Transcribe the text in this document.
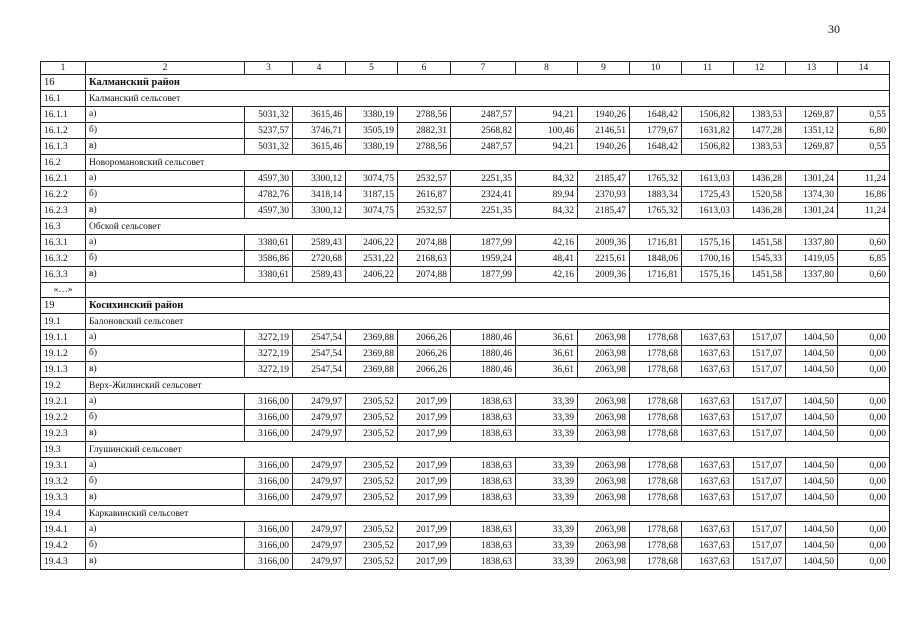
30
1	2	3	4	5	6	7	8	9	10	11	12	13	14
16	Калманский район												
16.1	Калманский сельсовет												
16.1.1	а)	5031,32	3615,46	3380,19	2788,56	2487,57	94,21	1940,26	1648,42	1506,82	1383,53	1269,87	0,55
16.1.2	б)	5237,57	3746,71	3505,19	2882,31	2568,82	100,46	2146,51	1779,67	1631,82	1477,28	1351,12	6,80
16.1.3	в)	5031,32	3615,46	3380,19	2788,56	2487,57	94,21	1940,26	1648,42	1506,82	1383,53	1269,87	0,55
16.2	Новороманoвский сельсовет												
16.2.1	а)	4597,30	3300,12	3074,75	2532,57	2251,35	84,32	2185,47	1765,32	1613,03	1436,28	1301,24	11,24
16.2.2	б)	4782,76	3418,14	3187,15	2616,87	2324,41	89,94	2370,93	1883,34	1725,43	1520,58	1374,30	16,86
16.2.3	в)	4597,30	3300,12	3074,75	2532,57	2251,35	84,32	2185,47	1765,32	1613,03	1436,28	1301,24	11,24
16.3	Обской сельсовет												
16.3.1	а)	3380,61	2589,43	2406,22	2074,88	1877,99	42,16	2009,36	1716,81	1575,16	1451,58	1337,80	0,60
16.3.2	б)	3586,86	2720,68	2531,22	2168,63	1959,24	48,41	2215,61	1848,06	1700,16	1545,33	1419,05	6,85
16.3.3	в)	3380,61	2589,43	2406,22	2074,88	1877,99	42,16	2009,36	1716,81	1575,16	1451,58	1337,80	0,60
«…»													
19	Косихинский район												
19.1	Балоновский сельсовет												
19.1.1	а)	3272,19	2547,54	2369,88	2066,26	1880,46	36,61	2063,98	1778,68	1637,63	1517,07	1404,50	0,00
19.1.2	б)	3272,19	2547,54	2369,88	2066,26	1880,46	36,61	2063,98	1778,68	1637,63	1517,07	1404,50	0,00
19.1.3	в)	3272,19	2547,54	2369,88	2066,26	1880,46	36,61	2063,98	1778,68	1637,63	1517,07	1404,50	0,00
19.2	Верх-Жилинский сельсовет												
19.2.1	а)	3166,00	2479,97	2305,52	2017,99	1838,63	33,39	2063,98	1778,68	1637,63	1517,07	1404,50	0,00
19.2.2	б)	3166,00	2479,97	2305,52	2017,99	1838,63	33,39	2063,98	1778,68	1637,63	1517,07	1404,50	0,00
19.2.3	в)	3166,00	2479,97	2305,52	2017,99	1838,63	33,39	2063,98	1778,68	1637,63	1517,07	1404,50	0,00
19.3	Глушинский сельсовет												
19.3.1	а)	3166,00	2479,97	2305,52	2017,99	1838,63	33,39	2063,98	1778,68	1637,63	1517,07	1404,50	0,00
19.3.2	б)	3166,00	2479,97	2305,52	2017,99	1838,63	33,39	2063,98	1778,68	1637,63	1517,07	1404,50	0,00
19.3.3	в)	3166,00	2479,97	2305,52	2017,99	1838,63	33,39	2063,98	1778,68	1637,63	1517,07	1404,50	0,00
19.4	Каркавинский сельсовет												
19.4.1	а)	3166,00	2479,97	2305,52	2017,99	1838,63	33,39	2063,98	1778,68	1637,63	1517,07	1404,50	0,00
19.4.2	б)	3166,00	2479,97	2305,52	2017,99	1838,63	33,39	2063,98	1778,68	1637,63	1517,07	1404,50	0,00
19.4.3	в)	3166,00	2479,97	2305,52	2017,99	1838,63	33,39	2063,98	1778,68	1637,63	1517,07	1404,50	0,00
